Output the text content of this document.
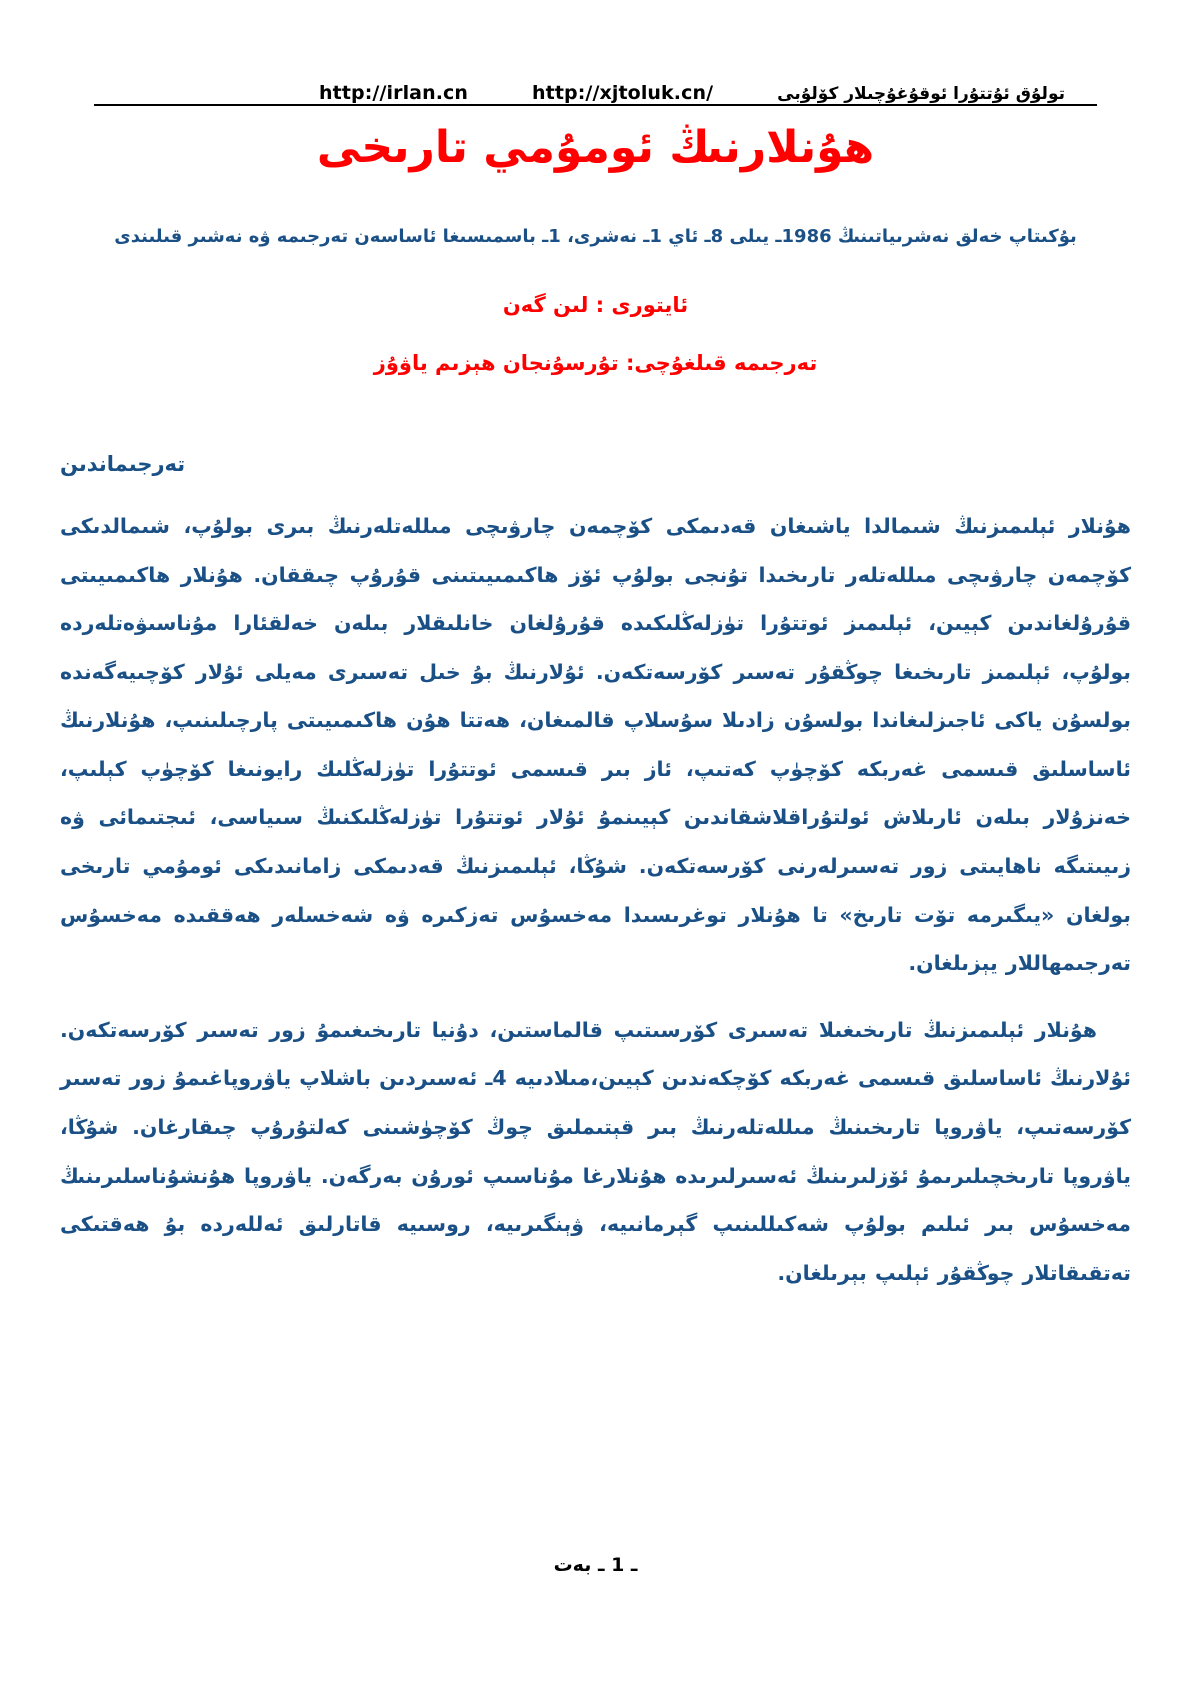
http://irlan.cn	http://xjtoluk.cn/	تولۇق ئۇتتۇرا ئوقۇغۇچىلار كۆلۇبى
ھۇنلارنىڭ ئومۇمي تارىخى
بۇكىتاپ خەلق نەشرىياتىنىڭ 1986ـ يىلى 8ـ ئاي 1ـ نەشرى، 1ـ باسمىسىغا ئاساسەن تەرجىمە ۋە نەشىر قىلىندى
ئايتورى : لىن گەن
تەرجىمە قىلغۇچى: تۇرسۇنجان ھېزىم ياۋۇز
تەرجىماندىن

ھۇنلار ئېلىمىزنىڭ شىمالدا ياشىغان قەدىمكى كۆچمەن چارۋىچى مىللەتلەرنىڭ بىرى بولۇپ، شىمالدىكى كۆچمەن چارۋىچى مىللەتلەر تارىخىدا تۇنجى بولۇپ ئۆز ھاكىمىيىتىنى قۇرۇپ چىققان. ھۇنلار ھاكىمىيىتى قۇرۇلغاندىن كېيىن، ئېلىمىز ئوتتۇرا تۈزلەڭلىكىدە قۇرۇلغان خانلىقلار بىلەن خەلقئارا مۇناسىۋەتلەردە بولۇپ، ئېلىمىز تارىخىغا چوڭقۇر تەسىر كۆرسەتكەن. ئۇلارنىڭ بۇ خىل تەسىرى مەيلى ئۇلار كۆچىيەگەندە بولسۇن ياكى ئاجىزلىغاندا بولسۇن زادىلا سۇسلاپ قالمىغان، ھەتتا ھۇن ھاكىمىيىتى پارچىلىنىپ، ھۇنلارنىڭ ئاساسلىق قىسمى غەربكە كۆچۈپ كەتىپ، ئاز بىر قىسمى ئوتتۇرا تۈزلەڭلىك رايونىغا كۆچۈپ كېلىپ، خەنزۇلار بىلەن ئارىلاش ئولتۇراقلاشقاندىن كېيىنمۇ ئۇلار ئوتتۇرا تۈزلەڭلىكنىڭ سىياسى، ئىجتىمائى ۋە زىيىتىگە ناھايىتى زور تەسىرلەرنى كۆرسەتكەن. شۇڭا، ئېلىمىزنىڭ قەدىمكى زامانىدىكى ئومۇمي تارىخى بولغان «يىگىرمە تۆت تارىخ» تا ھۇنلار توغرىسىدا مەخسۇس تەزكىرە ۋە شەخسلەر ھەققىدە مەخسۇس تەرجىمھاللار يېزىلغان.

ھۇنلار ئېلىمىزنىڭ تارىخىغىلا تەسىرى كۆرسىتىپ قالماستىن، دۇنيا تارىخىغىمۇ زور تەسىر كۆرسەتكەن. ئۇلارنىڭ ئاساسلىق قىسمى غەربكە كۆچكەندىن كېيىن،مىلادىيە 4ـ ئەسىردىن باشلاپ ياۋروپاغىمۇ زور تەسىر كۆرسەتىپ، ياۋروپا تارىخىنىڭ مىللەتلەرنىڭ بىر قېتىملىق چوڭ كۆچۈشىنى كەلتۇرۇپ چىقارغان. شۇڭا، ياۋروپا تارىخچىلىرىمۇ ئۆزلىرىنىڭ ئەسىرلىرىدە ھۇنلارغا مۇناسىپ ئورۇن بەرگەن. ياۋروپا ھۇنشۇناسلىرىنىڭ مەخسۇس بىر ئىلىم بولۇپ شەكىللىنىپ گېرمانىيە، ۋېنگىرىيە، روسىيە قاتارلىق ئەللەردە بۇ ھەقتىكى تەتقىقاتلار چوڭقۇر ئېلىپ بېرىلغان.

ـ 1 ـ بەت
